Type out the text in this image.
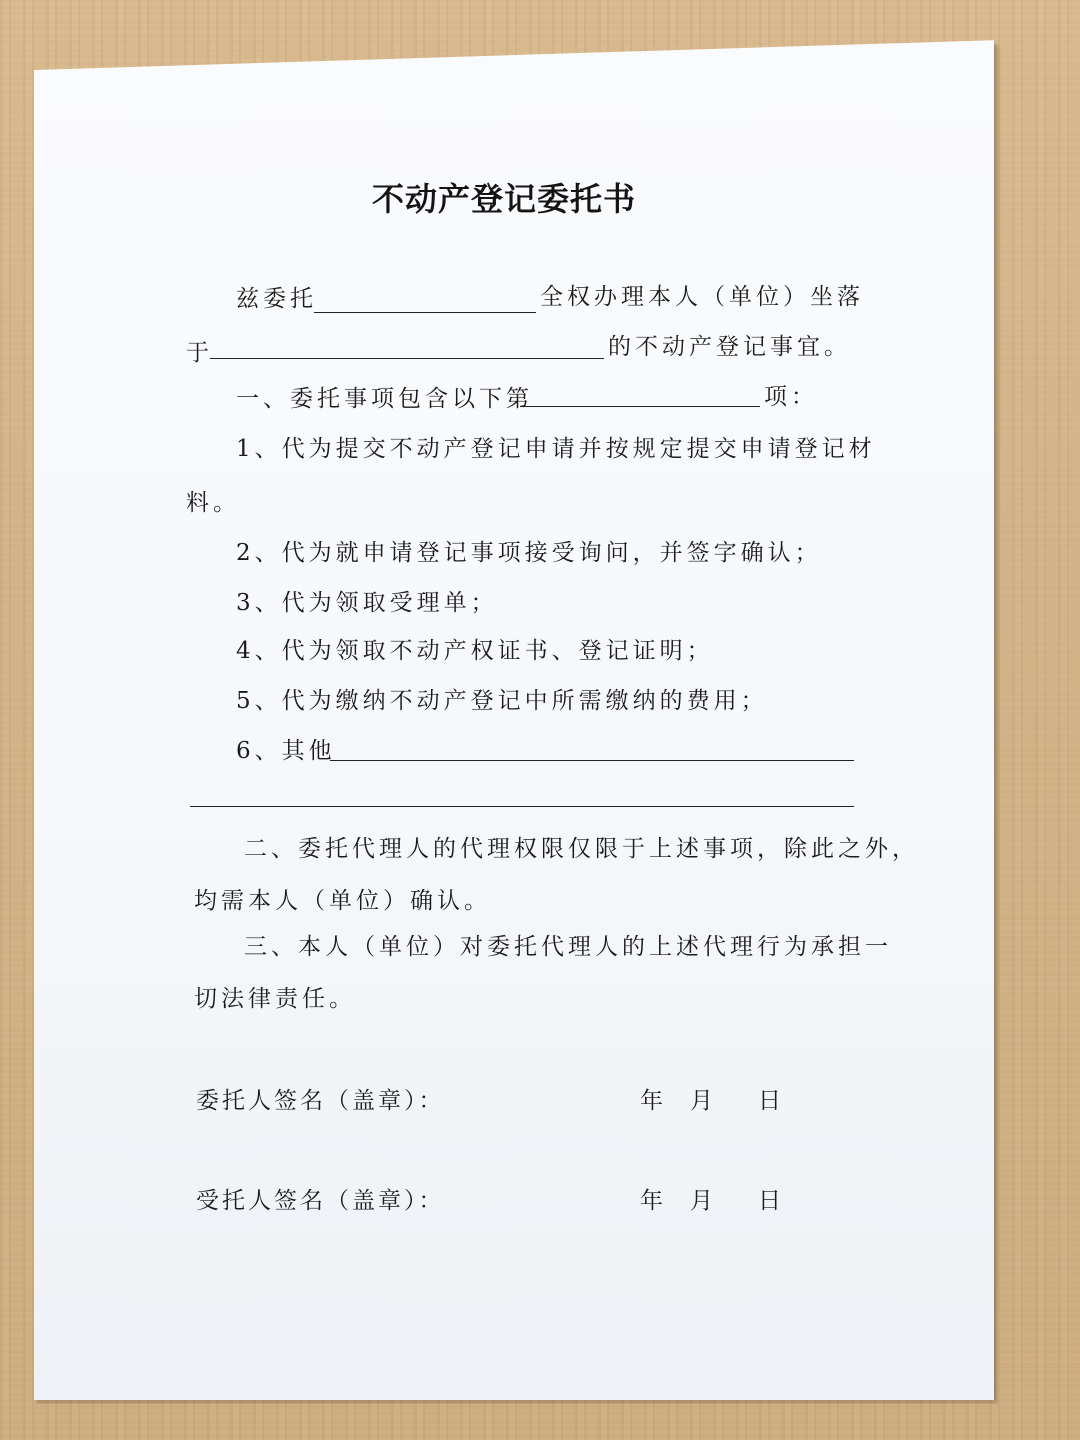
不动产登记委托书
兹委托	全权办理本人（单位）坐落
于	的不动产登记事宜。
一、委托事项包含以下第	项：
1、代为提交不动产登记申请并按规定提交申请登记材
料。
2、代为就申请登记事项接受询问，并签字确认；
3、代为领取受理单；
4、代为领取不动产权证书、登记证明；
5、代为缴纳不动产登记中所需缴纳的费用；
6、其他
二、委托代理人的代理权限仅限于上述事项，除此之外，
均需本人（单位）确认。
三、本人（单位）对委托代理人的上述代理行为承担一
切法律责任。
委托人签名（盖章）：	年 月 日
受托人签名（盖章）：	年 月 日
